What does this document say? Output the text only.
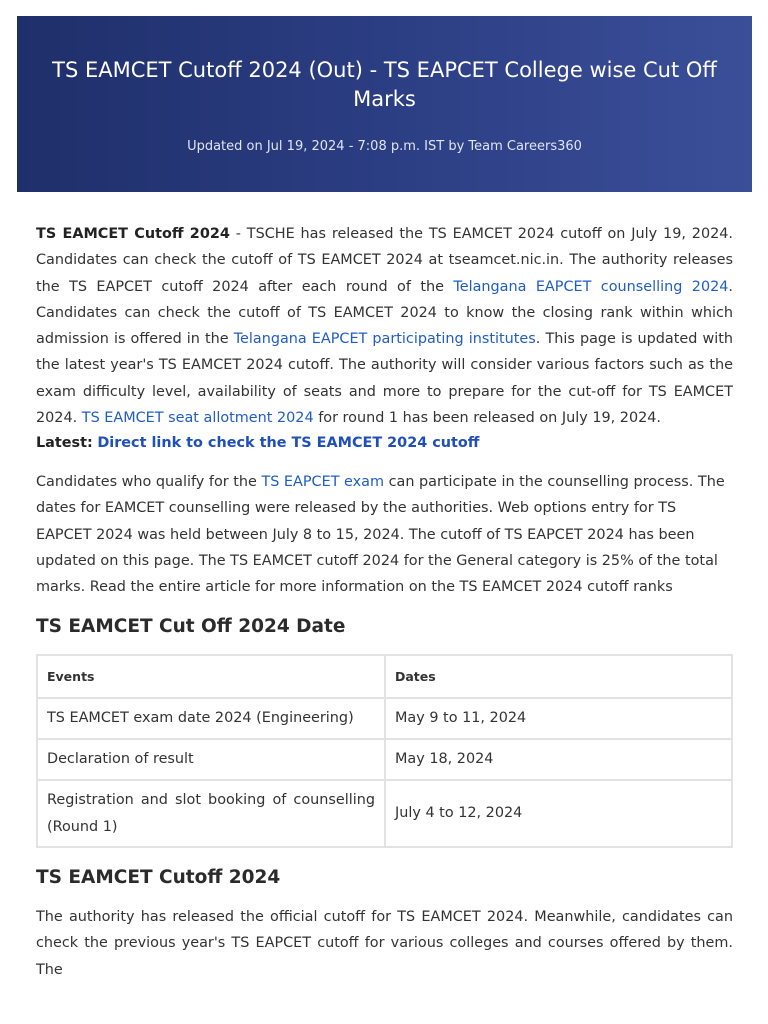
TS EAMCET Cutoff 2024 (Out) - TS EAPCET College wise Cut Off Marks
Updated on Jul 19, 2024 - 7:08 p.m. IST by Team Careers360

TS EAMCET Cutoff 2024 - TSCHE has released the TS EAMCET 2024 cutoff on July 19, 2024. Candidates can check the cutoff of TS EAMCET 2024 at tseamcet.nic.in. The authority releases the TS EAPCET cutoff 2024 after each round of the Telangana EAPCET counselling 2024. Candidates can check the cutoff of TS EAMCET 2024 to know the closing rank within which admission is offered in the Telangana EAPCET participating institutes. This page is updated with the latest year's TS EAMCET 2024 cutoff. The authority will consider various factors such as the exam difficulty level, availability of seats and more to prepare for the cut-off for TS EAMCET 2024. TS EAMCET seat allotment 2024 for round 1 has been released on July 19, 2024.

Latest: Direct link to check the TS EAMCET 2024 cutoff

Candidates who qualify for the TS EAPCET exam can participate in the counselling process. The dates for EAMCET counselling were released by the authorities. Web options entry for TS EAPCET 2024 was held between July 8 to 15, 2024. The cutoff of TS EAPCET 2024 has been updated on this page. The TS EAMCET cutoff 2024 for the General category is 25% of the total marks. Read the entire article for more information on the TS EAMCET 2024 cutoff ranks

TS EAMCET Cut Off 2024 Date
Events	Dates
TS EAMCET exam date 2024 (Engineering)	May 9 to 11, 2024
Declaration of result	May 18, 2024
Registration and slot booking of counselling (Round 1)	July 4 to 12, 2024
TS EAMCET Cutoff 2024

The authority has released the official cutoff for TS EAMCET 2024. Meanwhile, candidates can check the previous year's TS EAPCET cutoff for various colleges and courses offered by them. The
